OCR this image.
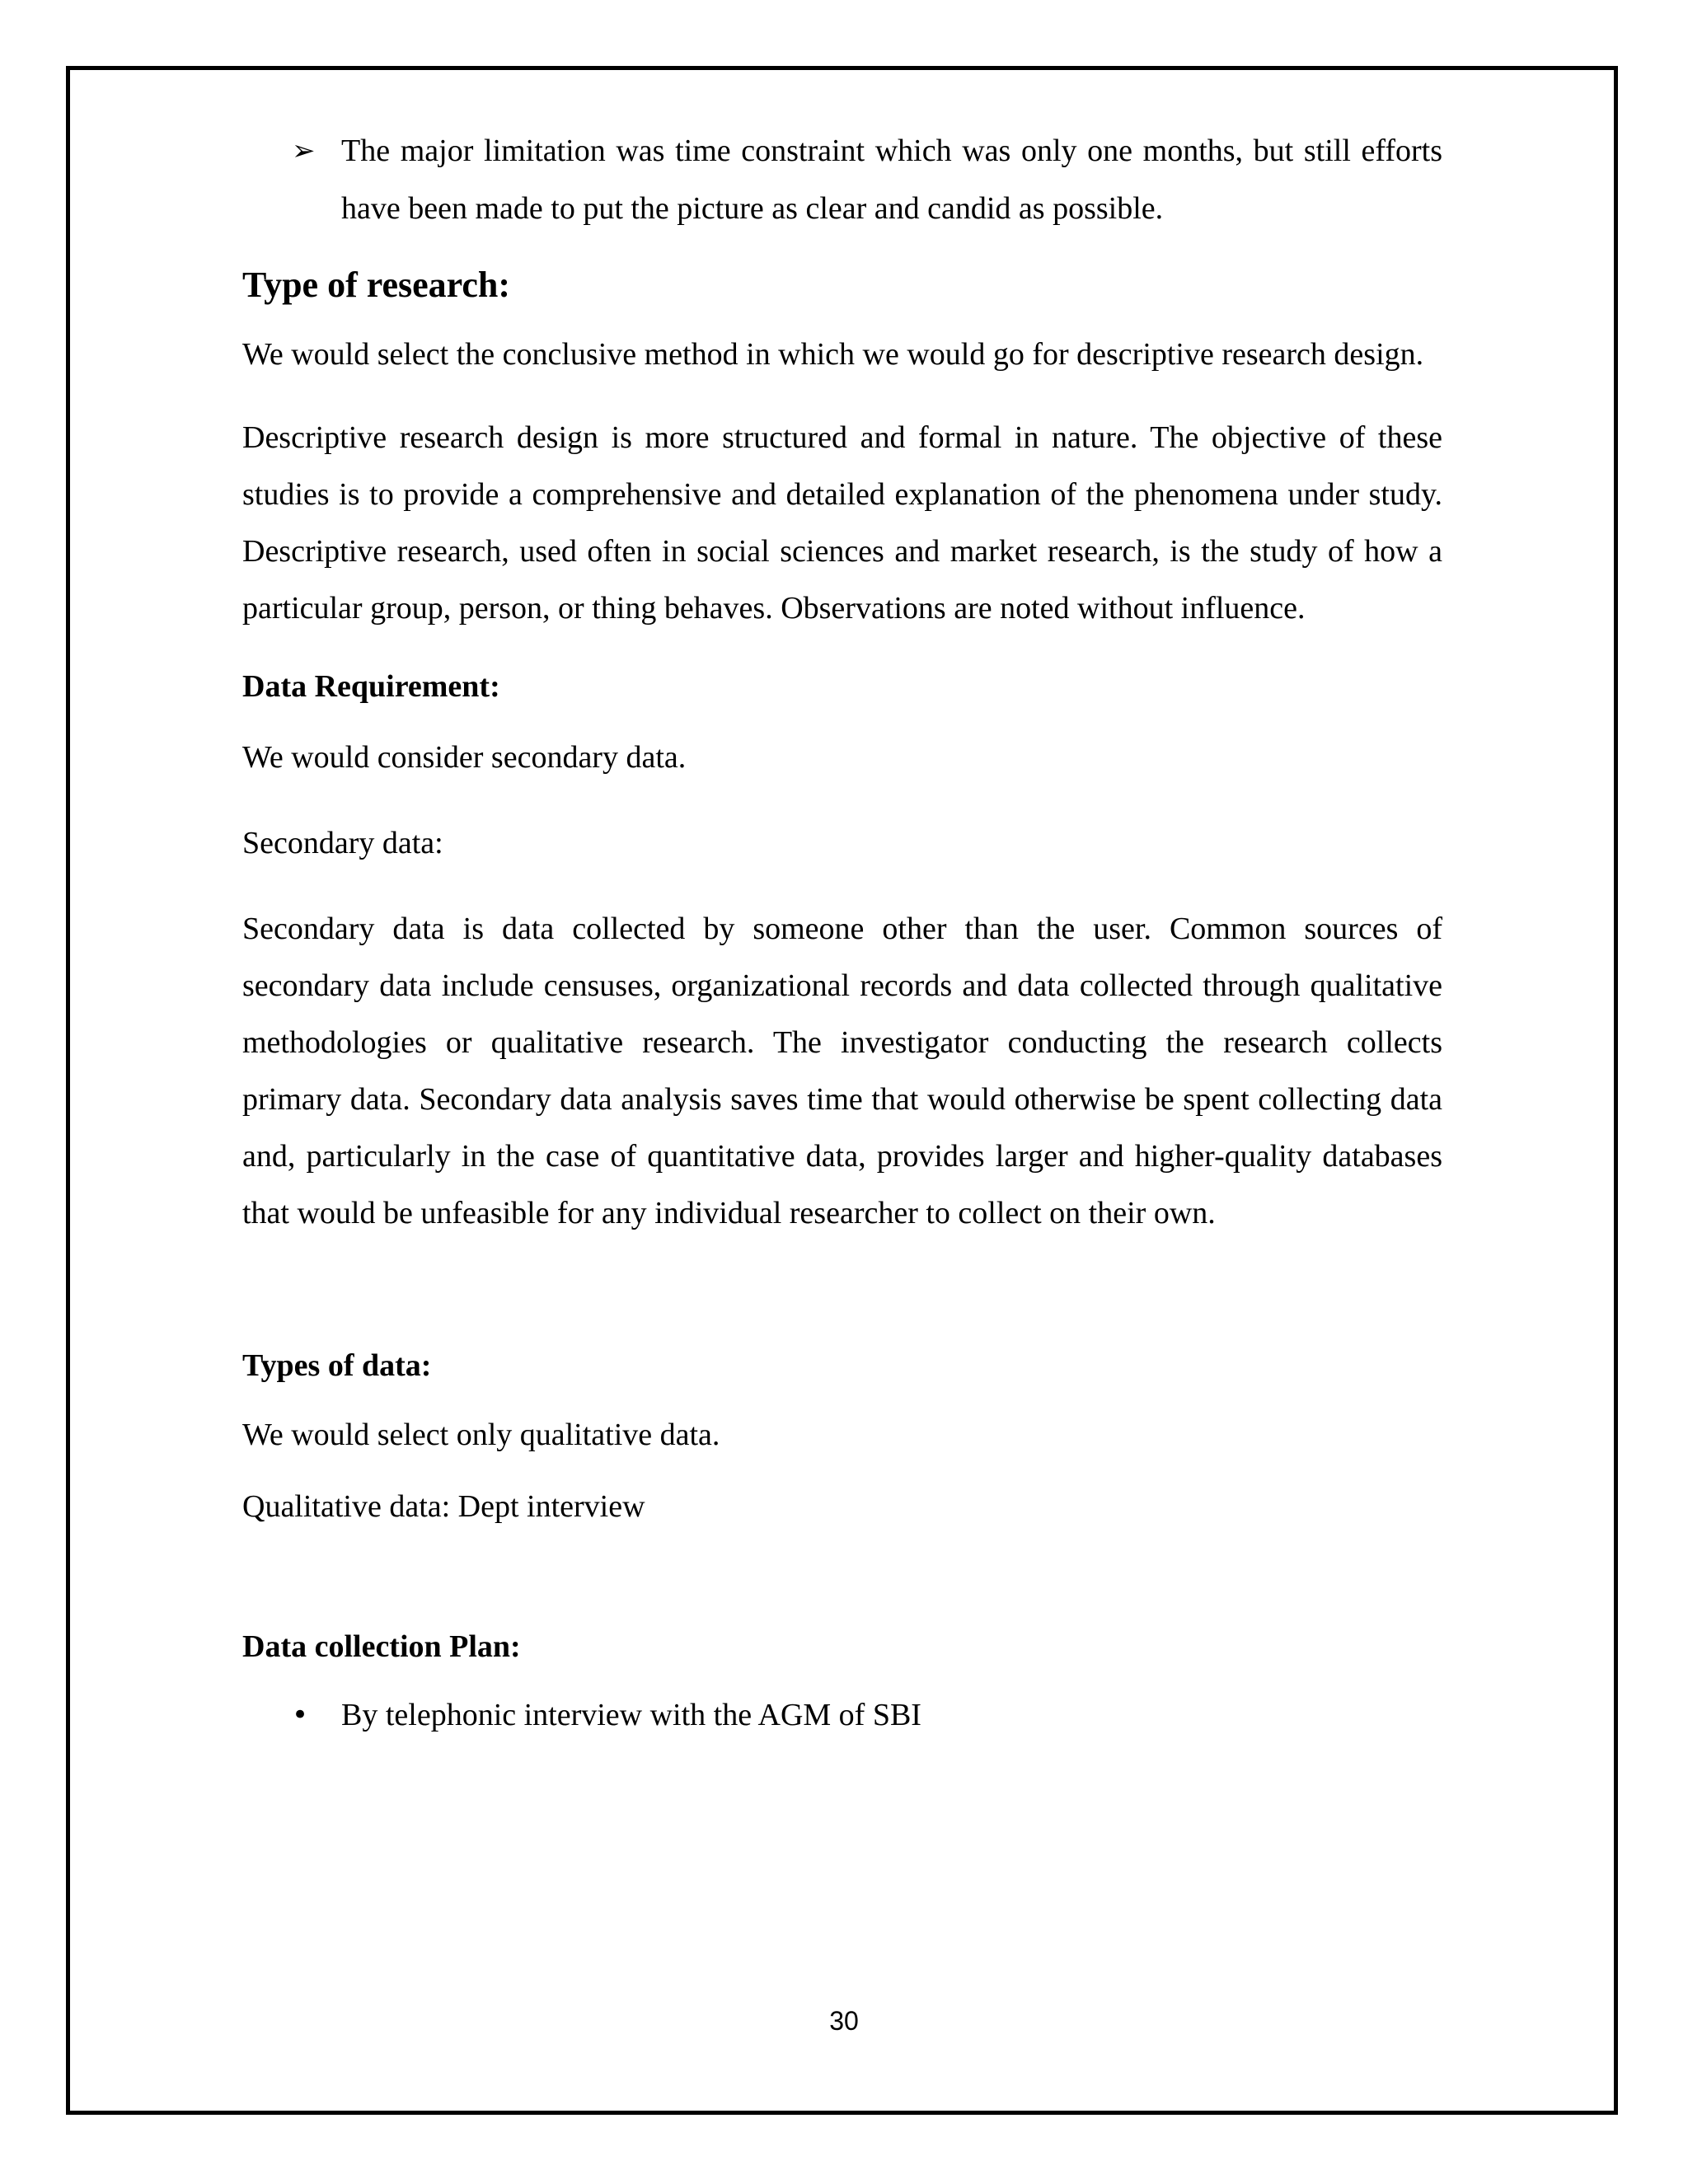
➢ The major limitation was time constraint which was only one months, but still efforts have been made to put the picture as clear and candid as possible.
Type of research:

We would select the conclusive method in which we would go for descriptive research design.

Descriptive research design is more structured and formal in nature. The objective of these studies is to provide a comprehensive and detailed explanation of the phenomena under study. Descriptive research, used often in social sciences and market research, is the study of how a particular group, person, or thing behaves. Observations are noted without influence.

Data Requirement:

We would consider secondary data.

Secondary data:

Secondary data is data collected by someone other than the user. Common sources of secondary data include censuses, organizational records and data collected through qualitative methodologies or qualitative research. The investigator conducting the research collects primary data. Secondary data analysis saves time that would otherwise be spent collecting data and, particularly in the case of quantitative data, provides larger and higher-quality databases that would be unfeasible for any individual researcher to collect on their own.

Types of data:

We would select only qualitative data.

Qualitative data: Dept interview

Data collection Plan:
• By telephonic interview with the AGM of SBI
30
